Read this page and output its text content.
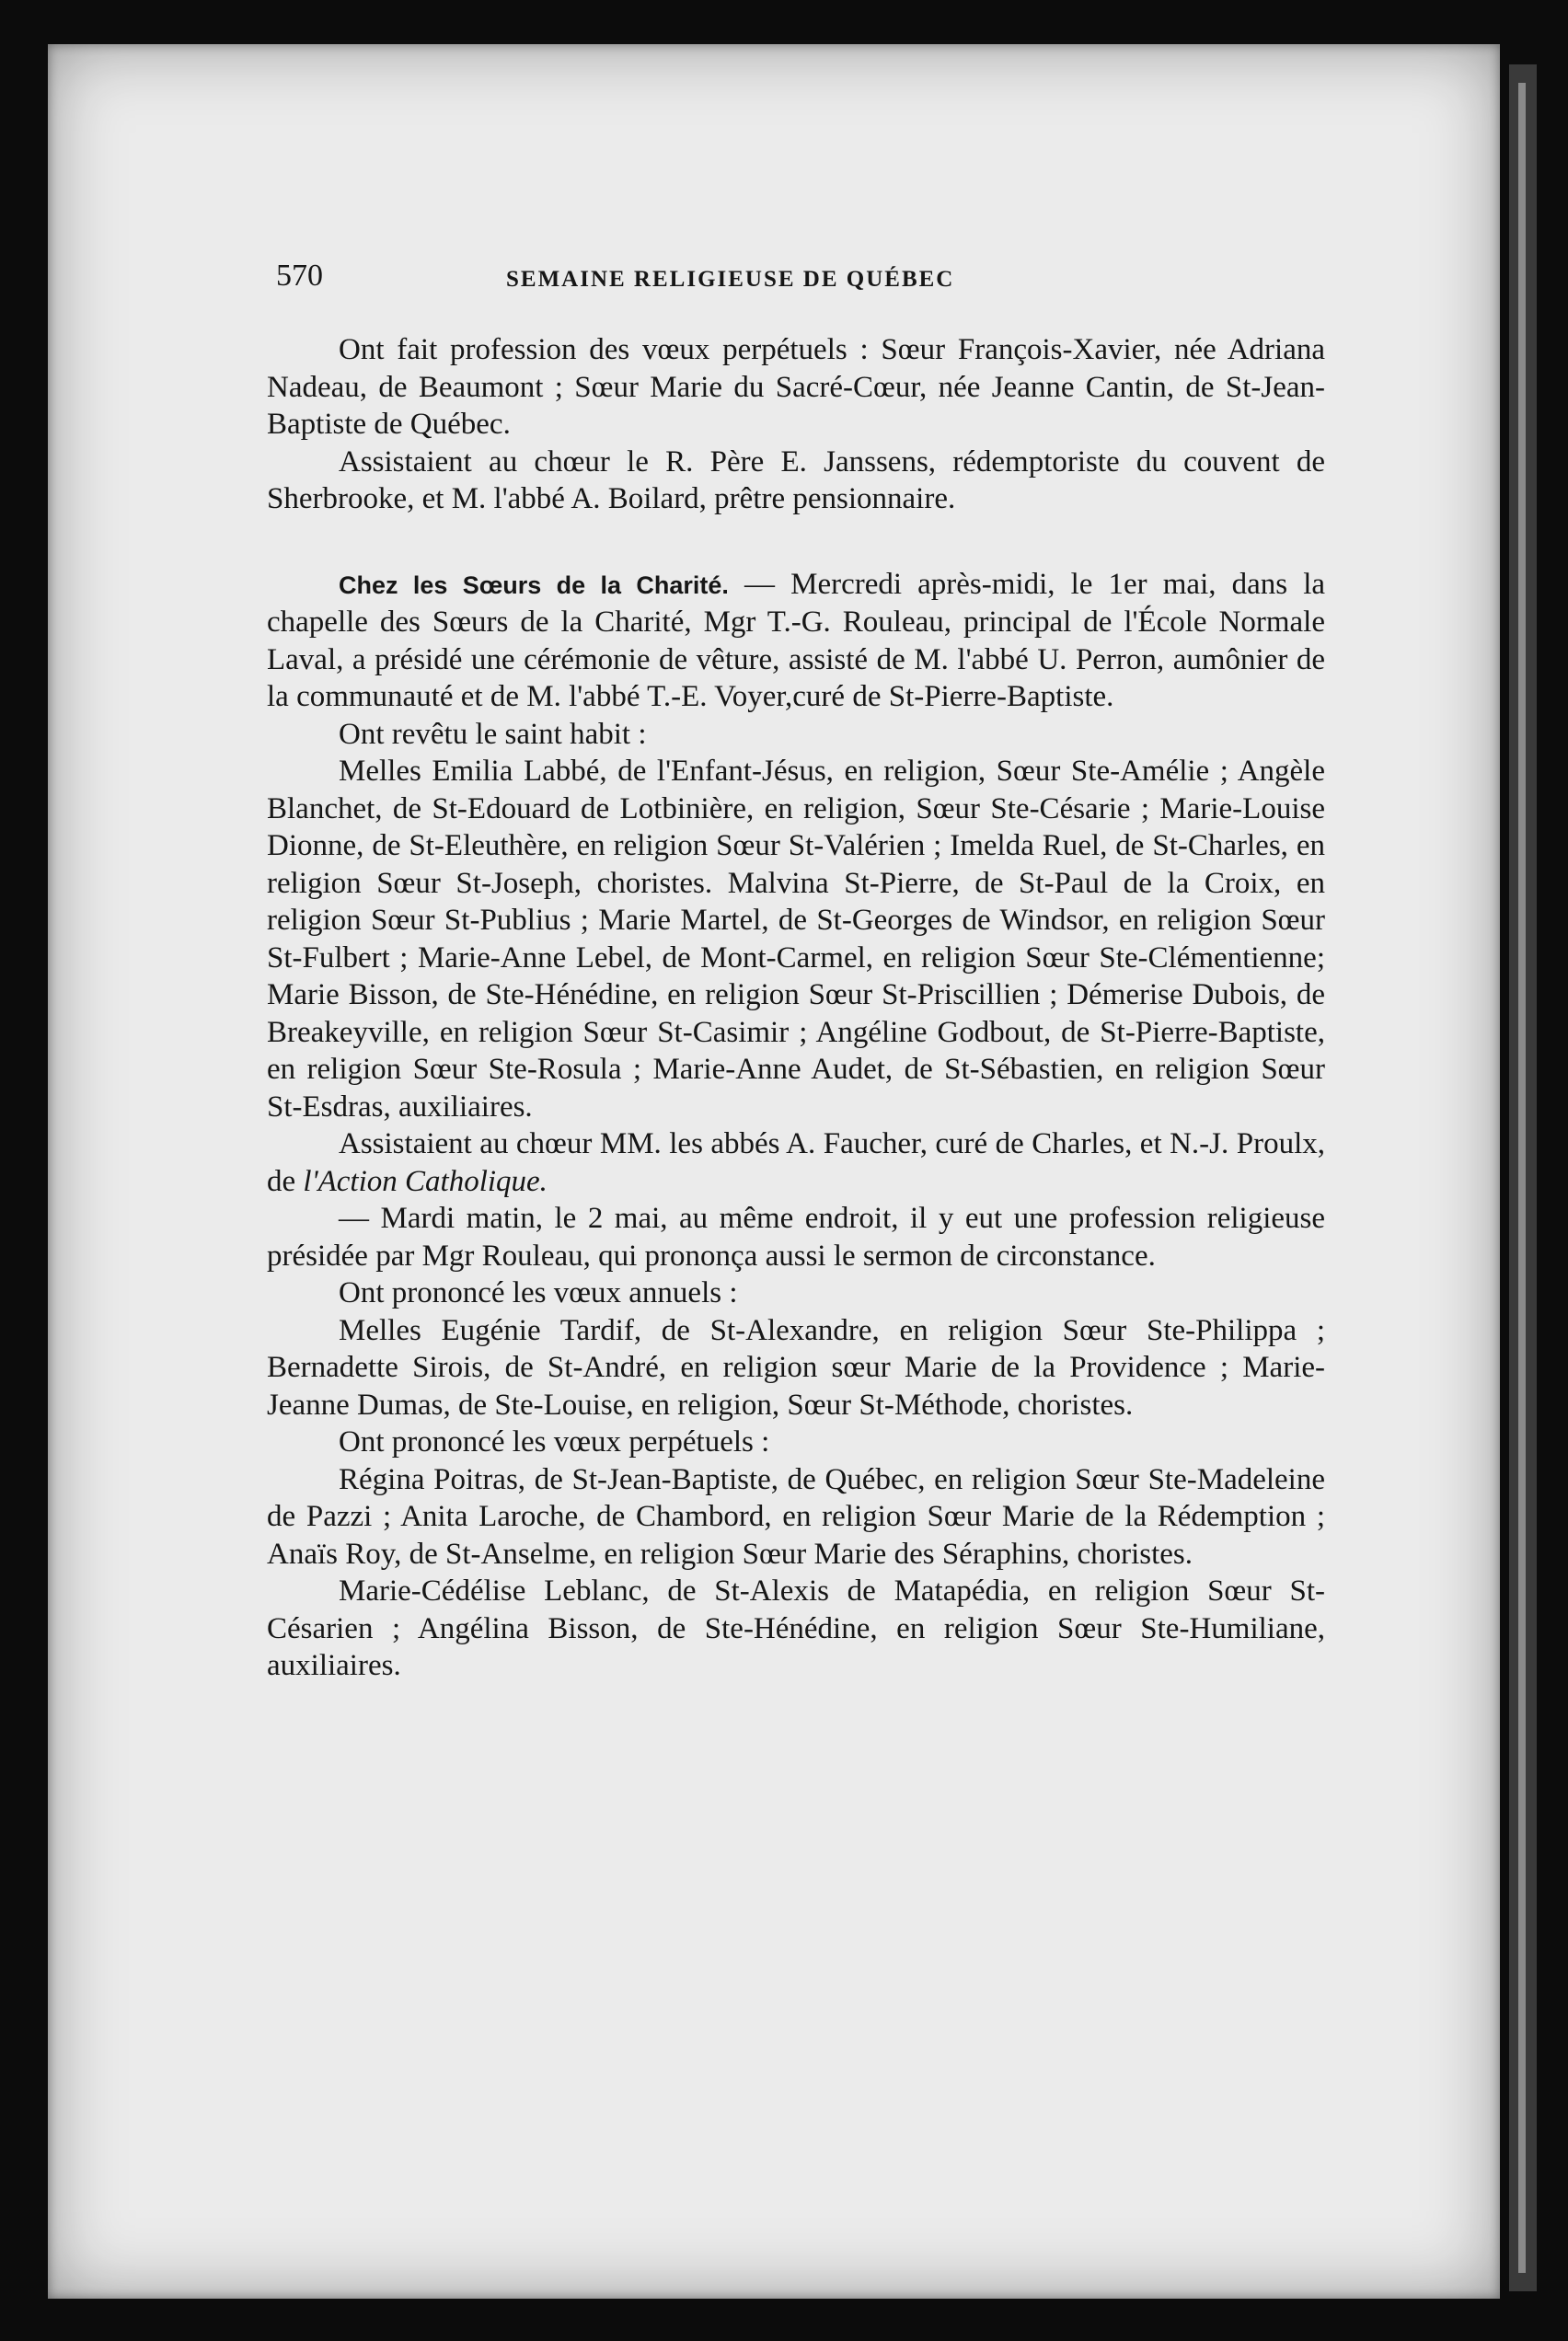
570	SEMAINE RELIGIEUSE DE QUÉBEC

Ont fait profession des vœux perpétuels : Sœur François-Xavier, née Adriana Nadeau, de Beaumont ; Sœur Marie du Sacré-Cœur, née Jeanne Cantin, de St-Jean-Baptiste de Québec.

Assistaient au chœur le R. Père E. Janssens, rédemptoriste du couvent de Sherbrooke, et M. l'abbé A. Boilard, prêtre pensionnaire.

Chez les Sœurs de la Charité. — Mercredi après-midi, le 1er mai, dans la chapelle des Sœurs de la Charité, Mgr T.-G. Rouleau, principal de l'École Normale Laval, a présidé une cérémonie de vêture, assisté de M. l'abbé U. Perron, aumônier de la communauté et de M. l'abbé T.-E. Voyer,curé de St-Pierre-Baptiste.

Ont revêtu le saint habit :

Melles Emilia Labbé, de l'Enfant-Jésus, en religion, Sœur Ste-Amélie ; Angèle Blanchet, de St-Edouard de Lotbinière, en religion, Sœur Ste-Césarie ; Marie-Louise Dionne, de St-Eleuthère, en religion Sœur St-Valérien ; Imelda Ruel, de St-Charles, en religion Sœur St-Joseph, choristes. Malvina St-Pierre, de St-Paul de la Croix, en religion Sœur St-Publius ; Marie Martel, de St-Georges de Windsor, en religion Sœur St-Fulbert ; Marie-Anne Lebel, de Mont-Carmel, en religion Sœur Ste-Clémentienne; Marie Bisson, de Ste-Hénédine, en religion Sœur St-Priscillien ; Démerise Dubois, de Breakeyville, en religion Sœur St-Casimir ; Angéline Godbout, de St-Pierre-Baptiste, en religion Sœur Ste-Rosula ; Marie-Anne Audet, de St-Sébastien, en religion Sœur St-Esdras, auxiliaires.

Assistaient au chœur MM. les abbés A. Faucher, curé de Charles, et N.-J. Proulx, de l'Action Catholique.

— Mardi matin, le 2 mai, au même endroit, il y eut une profession religieuse présidée par Mgr Rouleau, qui prononça aussi le sermon de circonstance.

Ont prononcé les vœux annuels :

Melles Eugénie Tardif, de St-Alexandre, en religion Sœur Ste-Philippa ; Bernadette Sirois, de St-André, en religion sœur Marie de la Providence ; Marie-Jeanne Dumas, de Ste-Louise, en religion, Sœur St-Méthode, choristes.

Ont prononcé les vœux perpétuels :

Régina Poitras, de St-Jean-Baptiste, de Québec, en religion Sœur Ste-Madeleine de Pazzi ; Anita Laroche, de Chambord, en religion Sœur Marie de la Rédemption ; Anaïs Roy, de St-Anselme, en religion Sœur Marie des Séraphins, choristes.

Marie-Cédélise Leblanc, de St-Alexis de Matapédia, en religion Sœur St-Césarien ; Angélina Bisson, de Ste-Hénédine, en religion Sœur Ste-Humiliane, auxiliaires.
